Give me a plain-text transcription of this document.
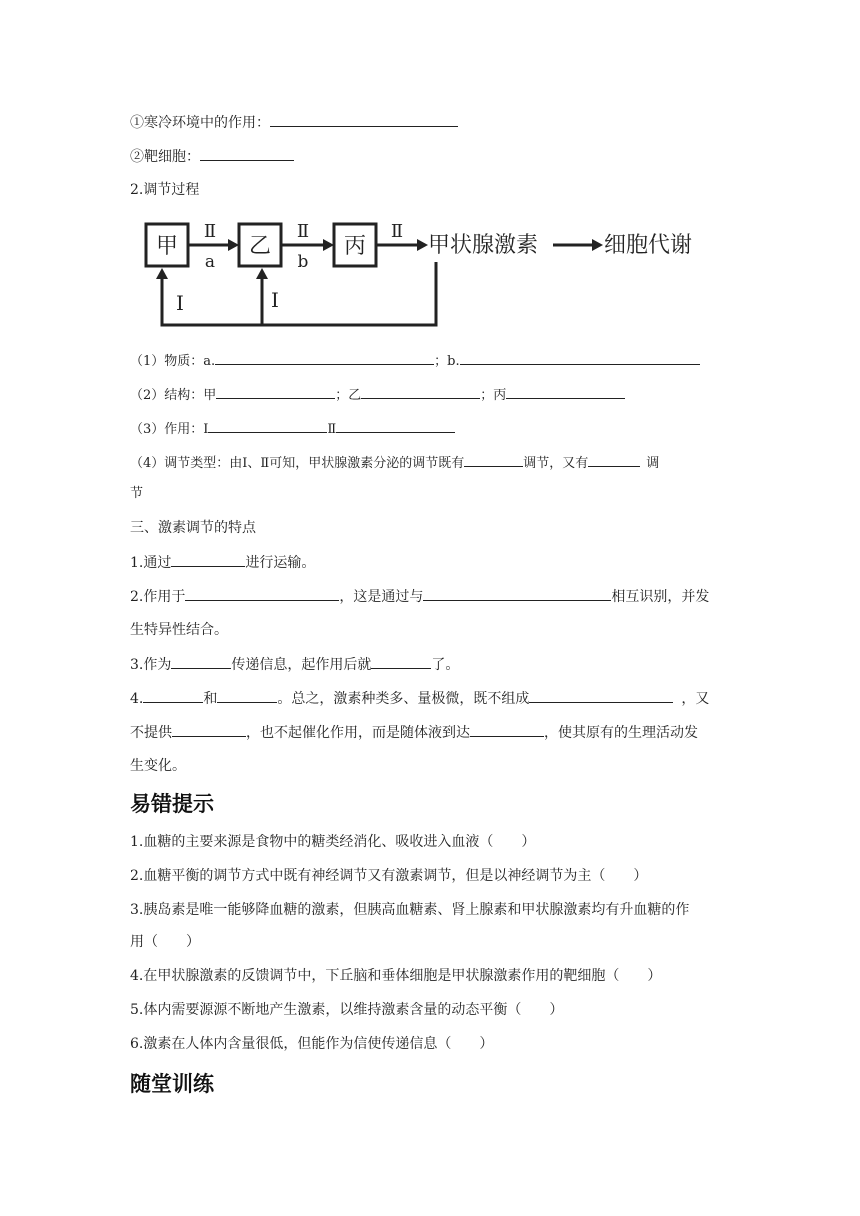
①寒冷环境中的作用：
②靶细胞：
2.调节过程
甲	乙	丙	甲状腺激素	细胞代谢
Ⅱ
a
Ⅱ
b
Ⅱ
Ⅰ	Ⅰ
（1）物质：a.	；b.
（2）结构：甲	；乙	；丙
（3）作用：Ⅰ	Ⅱ
（4）调节类型：由Ⅰ、Ⅱ可知，甲状腺激素分泌的调节既有	调节，又有	调
节
三、激素调节的特点
1.通过	进行运输。
2.作用于	，这是通过与	相互识别，并发
生特异性结合。
3.作为	传递信息，起作用后就	了。
4.	和	。总之，激素种类多、量极微，既不组成	，又
不提供	，也不起催化作用，而是随体液到达	，使其原有的生理活动发
生变化。
易错提示
1.血糖的主要来源是食物中的糖类经消化、吸收进入血液（　　）
2.血糖平衡的调节方式中既有神经调节又有激素调节，但是以神经调节为主（　　）
3.胰岛素是唯一能够降血糖的激素，但胰高血糖素、肾上腺素和甲状腺激素均有升血糖的作
用（　　）
4.在甲状腺激素的反馈调节中，下丘脑和垂体细胞是甲状腺激素作用的靶细胞（　　）
5.体内需要源源不断地产生激素，以维持激素含量的动态平衡（　　）
6.激素在人体内含量很低，但能作为信使传递信息（　　）
随堂训练
